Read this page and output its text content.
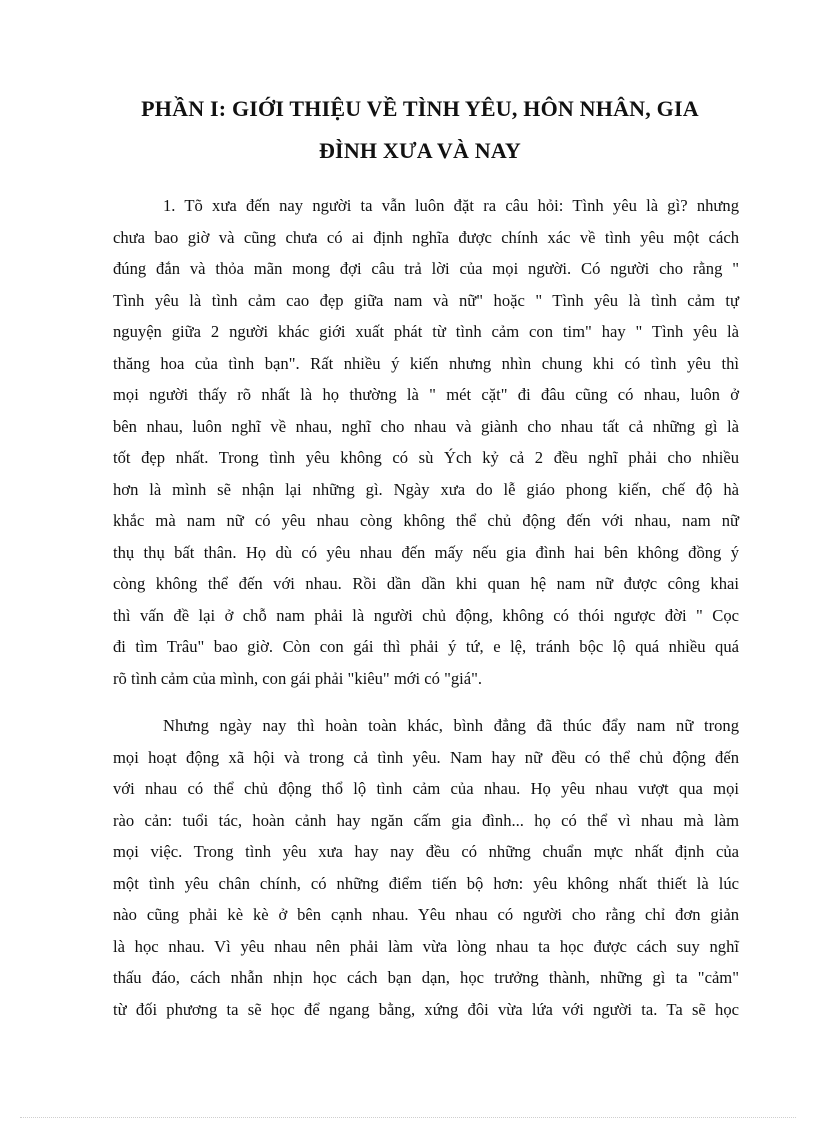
PHẦN I: GIỚI THIỆU VỀ TÌNH YÊU, HÔN NHÂN, GIA
ĐÌNH XƯA VÀ NAY
1. Tõ xưa đến nay người ta vẫn luôn đặt ra câu hỏi: Tình yêu là gì? nhưng
chưa bao giờ và cũng chưa có ai định nghĩa được chính xác về tình yêu một cách
đúng đắn và thỏa mãn mong đợi câu trả lời của mọi người. Có người cho rằng "
Tình yêu là tình cảm cao đẹp giữa nam và nữ" hoặc " Tình yêu là tình cảm tự
nguyện giữa 2 người khác giới xuất phát từ tình cảm con tim" hay " Tình yêu là
thăng hoa của tình bạn". Rất nhiều ý kiến nhưng nhìn chung khi có tình yêu thì
mọi người thấy rõ nhất là họ thường là " mét cặt" đi đâu cũng có nhau, luôn ở
bên nhau, luôn nghĩ về nhau, nghĩ cho nhau và giành cho nhau tất cả những gì là
tốt đẹp nhất. Trong tình yêu không có sù Ých kỷ cả 2 đều nghĩ phải cho nhiều
hơn là mình sẽ nhận lại những gì. Ngày xưa do lễ giáo phong kiến, chế độ hà
khắc mà nam nữ có yêu nhau còng không thể chủ động đến với nhau, nam nữ
thụ thụ bất thân. Họ dù có yêu nhau đến mấy nếu gia đình hai bên không đồng ý
còng không thể đến với nhau. Rồi dần dần khi quan hệ nam nữ được công khai
thì vấn đề lại ở chỗ nam phải là người chủ động, không có thói ngược đời " Cọc
đi tìm Trâu" bao giờ. Còn con gái thì phải ý tứ, e lệ, tránh bộc lộ quá nhiều quá
rõ tình cảm của mình, con gái phải "kiêu" mới có "giá".
Nhưng ngày nay thì hoàn toàn khác, bình đẳng đã thúc đẩy nam nữ trong
mọi hoạt động xã hội và trong cả tình yêu. Nam hay nữ đều có thể chủ động đến
với nhau có thể chủ động thổ lộ tình cảm của nhau. Họ yêu nhau vượt qua mọi
rào cản: tuổi tác, hoàn cảnh hay ngăn cấm gia đình... họ có thể vì nhau mà làm
mọi việc. Trong tình yêu xưa hay nay đều có những chuẩn mực nhất định của
một tình yêu chân chính, có những điểm tiến bộ hơn: yêu không nhất thiết là lúc
nào cũng phải kè kè ở bên cạnh nhau. Yêu nhau có người cho rằng chỉ đơn giản
là học nhau. Vì yêu nhau nên phải làm vừa lòng nhau ta học được cách suy nghĩ
thấu đáo, cách nhẫn nhịn học cách bạn dạn, học trưởng thành, những gì ta "cảm"
từ đối phương ta sẽ học để ngang bằng, xứng đôi vừa lứa với người ta. Ta sẽ học
